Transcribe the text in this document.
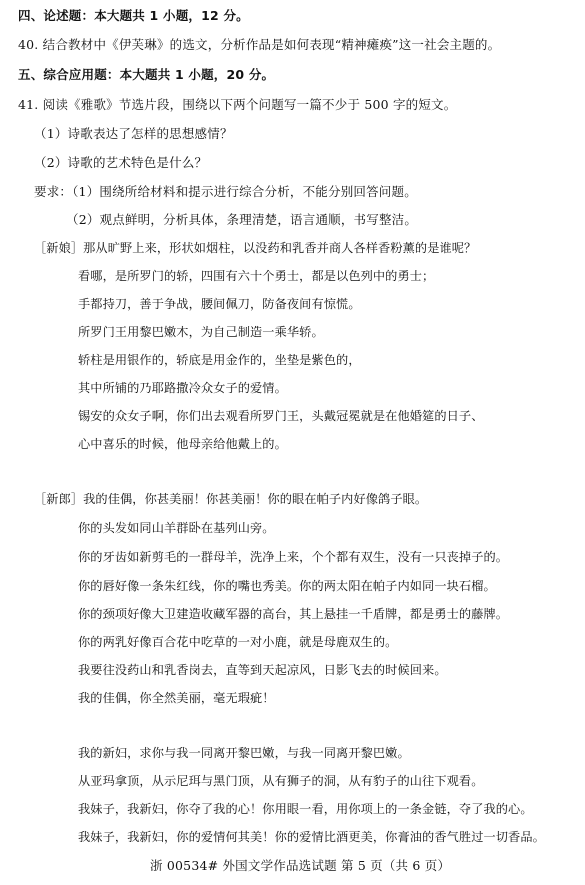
四、论述题：本大题共 1 小题，12 分。
40. 结合教材中《伊芙琳》的选文，分析作品是如何表现“精神瘫痪”这一社会主题的。
五、综合应用题：本大题共 1 小题，20 分。
41. 阅读《雅歌》节选片段，围绕以下两个问题写一篇不少于 500 字的短文。
（1）诗歌表达了怎样的思想感情？
（2）诗歌的艺术特色是什么？
要求：（1）围绕所给材料和提示进行综合分析，不能分别回答问题。
（2）观点鲜明，分析具体，条理清楚，语言通顺，书写整洁。
［新娘］那从旷野上来，形状如烟柱，以没药和乳香并商人各样香粉薰的是谁呢？
看哪，是所罗门的轿，四围有六十个勇士，都是以色列中的勇士；
手都持刀，善于争战，腰间佩刀，防备夜间有惊慌。
所罗门王用黎巴嫩木，为自己制造一乘华轿。
轿柱是用银作的，轿底是用金作的，坐垫是紫色的，
其中所铺的乃耶路撒冷众女子的爱情。
锡安的众女子啊，你们出去观看所罗门王，头戴冠冕就是在他婚筵的日子、
心中喜乐的时候，他母亲给他戴上的。
［新郎］我的佳偶，你甚美丽！你甚美丽！你的眼在帕子内好像鸽子眼。
你的头发如同山羊群卧在基列山旁。
你的牙齿如新剪毛的一群母羊，洗净上来，个个都有双生，没有一只丧掉子的。
你的唇好像一条朱红线，你的嘴也秀美。你的两太阳在帕子内如同一块石榴。
你的颈项好像大卫建造收藏军器的高台，其上悬挂一千盾牌，都是勇士的藤牌。
你的两乳好像百合花中吃草的一对小鹿，就是母鹿双生的。
我要往没药山和乳香岗去，直等到天起凉风，日影飞去的时候回来。
我的佳偶，你全然美丽，毫无瑕疵！
我的新妇，求你与我一同离开黎巴嫩，与我一同离开黎巴嫩。
从亚玛拿顶，从示尼珥与黑门顶，从有狮子的洞，从有豹子的山往下观看。
我妹子，我新妇，你夺了我的心！你用眼一看，用你项上的一条金链，夺了我的心。
我妹子，我新妇，你的爱情何其美！你的爱情比酒更美，你膏油的香气胜过一切香品。
浙 00534# 外国文学作品选试题 第 5 页（共 6 页）
